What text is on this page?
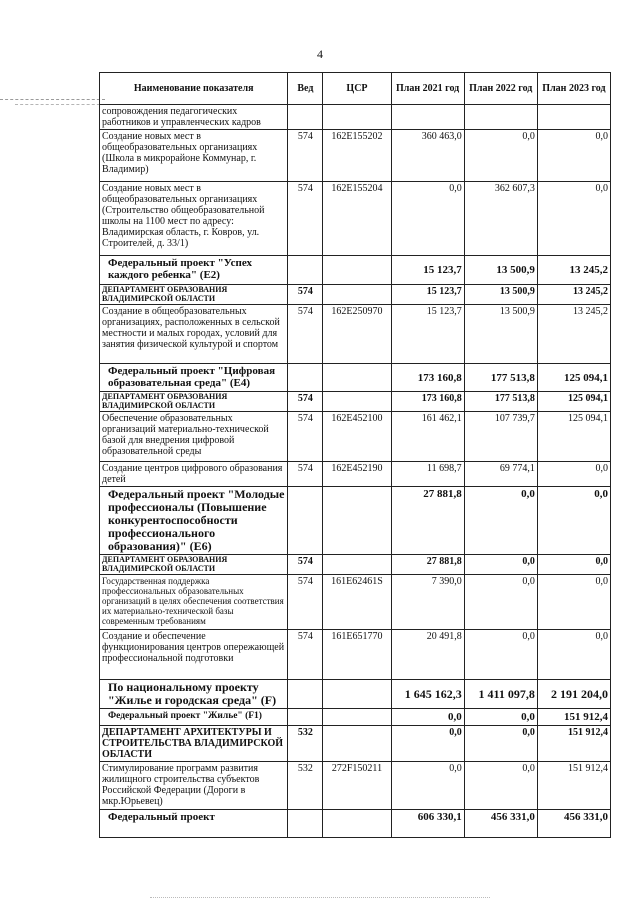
4
Наименование показателя	Вед	ЦСР	План 2021 год	План 2022 год	План 2023 год
сопровождения педагогических работников и управленческих кадров					
Создание новых мест в общеобразовательных организациях (Школа в микрорайоне Коммунар, г. Владимир)	574	162E155202	360 463,0	0,0	0,0
Создание новых мест в общеобразовательных организациях (Строительство общеобразовательной школы на 1100 мест по адресу: Владимирская область, г. Ковров, ул. Строителей, д. 33/1)	574	162E155204	0,0	362 607,3	0,0
Федеральный проект "Успех каждого ребенка" (E2)			15 123,7	13 500,9	13 245,2
ДЕПАРТАМЕНТ ОБРАЗОВАНИЯ ВЛАДИМИРСКОЙ ОБЛАСТИ	574		15 123,7	13 500,9	13 245,2
Создание в общеобразовательных организациях, расположенных в сельской местности и малых городах, условий для занятия физической культурой и спортом	574	162E250970	15 123,7	13 500,9	13 245,2
Федеральный проект "Цифровая образовательная среда" (E4)			173 160,8	177 513,8	125 094,1
ДЕПАРТАМЕНТ ОБРАЗОВАНИЯ ВЛАДИМИРСКОЙ ОБЛАСТИ	574		173 160,8	177 513,8	125 094,1
Обеспечение образовательных организаций материально-технической базой для внедрения цифровой образовательной среды	574	162E452100	161 462,1	107 739,7	125 094,1
Создание центров цифрового образования детей	574	162E452190	11 698,7	69 774,1	0,0
Федеральный проект "Молодые профессионалы (Повышение конкурентоспособности профессионального образования)" (E6)			27 881,8	0,0	0,0
ДЕПАРТАМЕНТ ОБРАЗОВАНИЯ ВЛАДИМИРСКОЙ ОБЛАСТИ	574		27 881,8	0,0	0,0
Государственная поддержка профессиональных образовательных организаций в целях обеспечения соответствия их материально-технической базы современным требованиям	574	161E62461S	7 390,0	0,0	0,0
Создание и обеспечение функционирования центров опережающей профессиональной подготовки	574	161E651770	20 491,8	0,0	0,0
По национальному проекту "Жилье и городская среда" (F)			1 645 162,3	1 411 097,8	2 191 204,0
Федеральный проект "Жилье" (F1)			0,0	0,0	151 912,4
ДЕПАРТАМЕНТ АРХИТЕКТУРЫ И СТРОИТЕЛЬСТВА ВЛАДИМИРСКОЙ ОБЛАСТИ	532		0,0	0,0	151 912,4
Стимулирование программ развития жилищного строительства субъектов Российской Федерации (Дороги в мкр.Юрьевец)	532	272F150211	0,0	0,0	151 912,4
Федеральный проект			606 330,1	456 331,0	456 331,0
